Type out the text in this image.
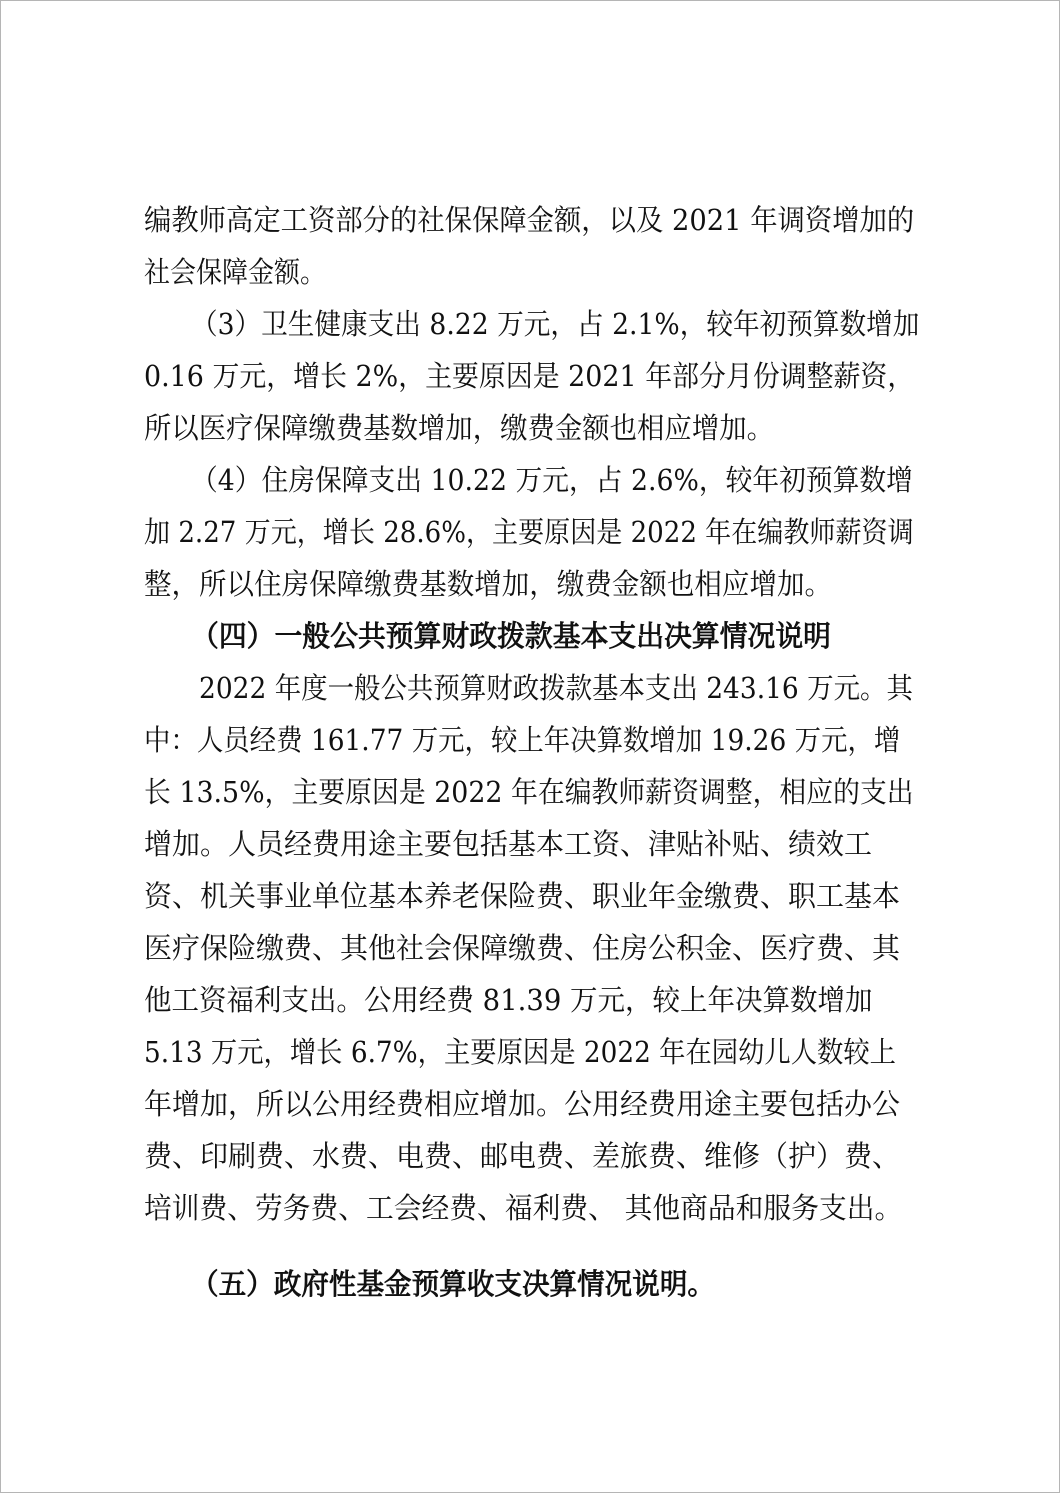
编教师高定工资部分的社保保障金额，以及 2021 年调资增加的
社会保障金额。
（3）卫生健康支出 8.22 万元，占 2.1%，较年初预算数增加
0.16 万元，增长 2%，主要原因是 2021 年部分月份调整薪资，
所以医疗保障缴费基数增加，缴费金额也相应增加。
（4）住房保障支出 10.22 万元，占 2.6%，较年初预算数增
加 2.27 万元，增长 28.6%，主要原因是 2022 年在编教师薪资调
整，所以住房保障缴费基数增加，缴费金额也相应增加。
（四）一般公共预算财政拨款基本支出决算情况说明
2022 年度一般公共预算财政拨款基本支出 243.16 万元。其
中：人员经费 161.77 万元，较上年决算数增加 19.26 万元，增
长 13.5%，主要原因是 2022 年在编教师薪资调整，相应的支出
增加。人员经费用途主要包括基本工资、津贴补贴、绩效工
资、机关事业单位基本养老保险费、职业年金缴费、职工基本
医疗保险缴费、其他社会保障缴费、住房公积金、医疗费、其
他工资福利支出。公用经费 81.39 万元，较上年决算数增加
5.13 万元，增长 6.7%，主要原因是 2022 年在园幼儿人数较上
年增加，所以公用经费相应增加。公用经费用途主要包括办公
费、印刷费、水费、电费、邮电费、差旅费、维修（护）费、
培训费、劳务费、工会经费、福利费、 其他商品和服务支出。
（五）政府性基金预算收支决算情况说明。
